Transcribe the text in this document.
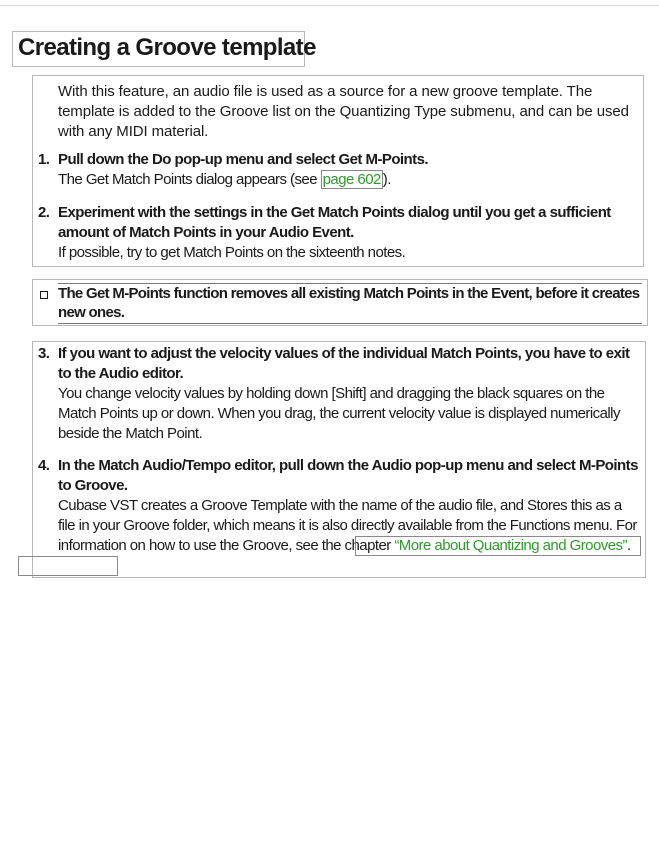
Creating a Groove template

With this feature, an audio file is used as a source for a new groove template. The template is added to the Groove list on the Quantizing Type submenu, and can be used with any MIDI material.

1. Pull down the Do pop-up menu and select Get M-Points.
The Get Match Points dialog appears (see page 602 ).
2. Experiment with the settings in the Get Match Points dialog until you get a sufficient amount of Match Points in your Audio Event.
If possible, try to get Match Points on the sixteenth notes.

The Get M-Points function removes all existing Match Points in the Event, before it creates new ones.

3. If you want to adjust the velocity values of the individual Match Points, you have to exit to the Audio editor.
You change velocity values by holding down [Shift] and dragging the black squares on the Match Points up or down. When you drag, the current velocity value is displayed numerically beside the Match Point.
4. In the Match Audio/Tempo editor, pull down the Audio pop-up menu and select M-Points to Groove.
Cubase VST creates a Groove Template with the name of the audio file, and Stores this as a file in your Groove folder, which means it is also directly available from the Functions menu. For information on how to use the Groove, see the chapter “More about Quantizing and Grooves”.
